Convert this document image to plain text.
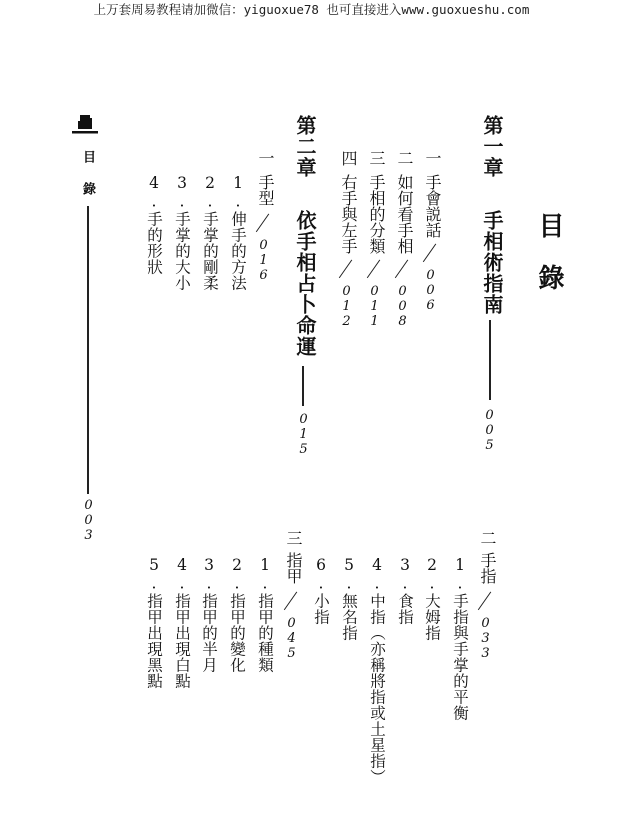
上万套周易教程请加微信：yiguoxue78 也可直接进入www.guoxueshu.com
目錄
目
錄
003
第一章
手相術指南
005
一
手會説話
006
二
如何看手相
008
三
手相的分類
011
四
右手與左手
012
第二章
依手相占卜命運
015
一
手型
016
1.伸手的方法
2.手掌的剛柔
3.手掌的大小
4.手的形狀
二
手指
033
1.手指與手掌的平衡
2.大姆指
3.食指
4.中指（亦稱將指或土星指）
5.無名指
6.小指
三
指甲
045
1.指甲的種類
2.指甲的變化
3.指甲的半月
4.指甲出現白點
5.指甲出現黑點
